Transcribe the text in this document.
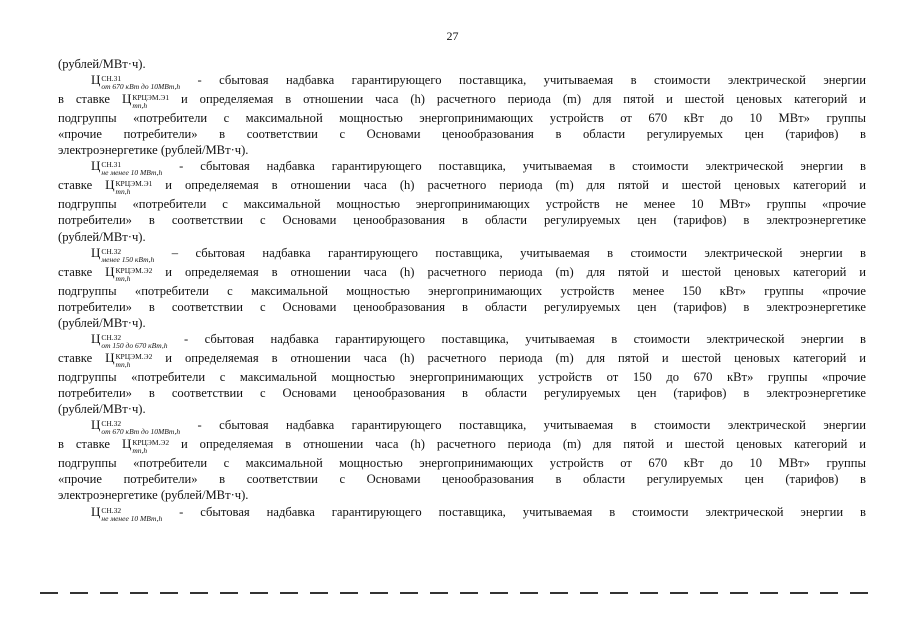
27
(рублей/МВт·ч).
Ц СН.31
от 670 кВт до 10МВт,h - сбытовая надбавка гарантирующего поставщика, учитываемая в стоимости электрической энергии
в ставке Ц КРЦЭМ.Э1
тn,h	и определяемая в отношении часа (h) расчетного периода (m) для пятой и шестой ценовых категорий и
подгруппы «потребители с максимальной мощностью энергопринимающих устройств от 670 кВт до 10 МВт» группы
«прочие потребители» в соответствии с Основами ценообразования в области регулируемых цен (тарифов) в
электроэнергетике (рублей/МВт·ч).
Ц СН.31
не менее 10 МВт,h - сбытовая надбавка гарантирующего поставщика, учитываемая в стоимости электрической энергии в
ставке Ц КРЦЭМ.Э1
тn,h	и определяемая в отношении часа (h) расчетного периода (m) для пятой и шестой ценовых категорий и
подгруппы «потребители с максимальной мощностью энергопринимающих устройств не менее 10 МВт» группы «прочие
потребители» в соответствии с Основами ценообразования в области регулируемых цен (тарифов) в электроэнергетике
(рублей/МВт·ч).
Ц СН.32
менее 150 кВт,h – сбытовая надбавка гарантирующего поставщика, учитываемая в стоимости электрической энергии в
ставке Ц КРЦЭМ.Э2
тn,h	и определяемая в отношении часа (h) расчетного периода (m) для пятой и шестой ценовых категорий и
подгруппы «потребители с максимальной мощностью энергопринимающих устройств менее 150 кВт» группы «прочие
потребители» в соответствии с Основами ценообразования в области регулируемых цен (тарифов) в электроэнергетике
(рублей/МВт·ч).
Ц СН.32
от 150 до 670 кВт,h - сбытовая надбавка гарантирующего поставщика, учитываемая в стоимости электрической энергии в
ставке Ц КРЦЭМ.Э2
тn,h	и определяемая в отношении часа (h) расчетного периода (m) для пятой и шестой ценовых категорий и
подгруппы «потребители с максимальной мощностью энергопринимающих устройств от 150 до 670 кВт» группы «прочие
потребители» в соответствии с Основами ценообразования в области регулируемых цен (тарифов) в электроэнергетике
(рублей/МВт·ч).
Ц СН.32
от 670 кВт до 10МВт,h - сбытовая надбавка гарантирующего поставщика, учитываемая в стоимости электрической энергии
в ставке Ц КРЦЭМ.Э2
тn,h	и определяемая в отношении часа (h) расчетного периода (m) для пятой и шестой ценовых категорий и
подгруппы «потребители с максимальной мощностью энергопринимающих устройств от 670 кВт до 10 МВт» группы
«прочие потребители» в соответствии с Основами ценообразования в области регулируемых цен (тарифов) в
электроэнергетике (рублей/МВт·ч).
Ц СН.32
не менее 10 МВт,h - сбытовая надбавка гарантирующего поставщика, учитываемая в стоимости электрической энергии в
